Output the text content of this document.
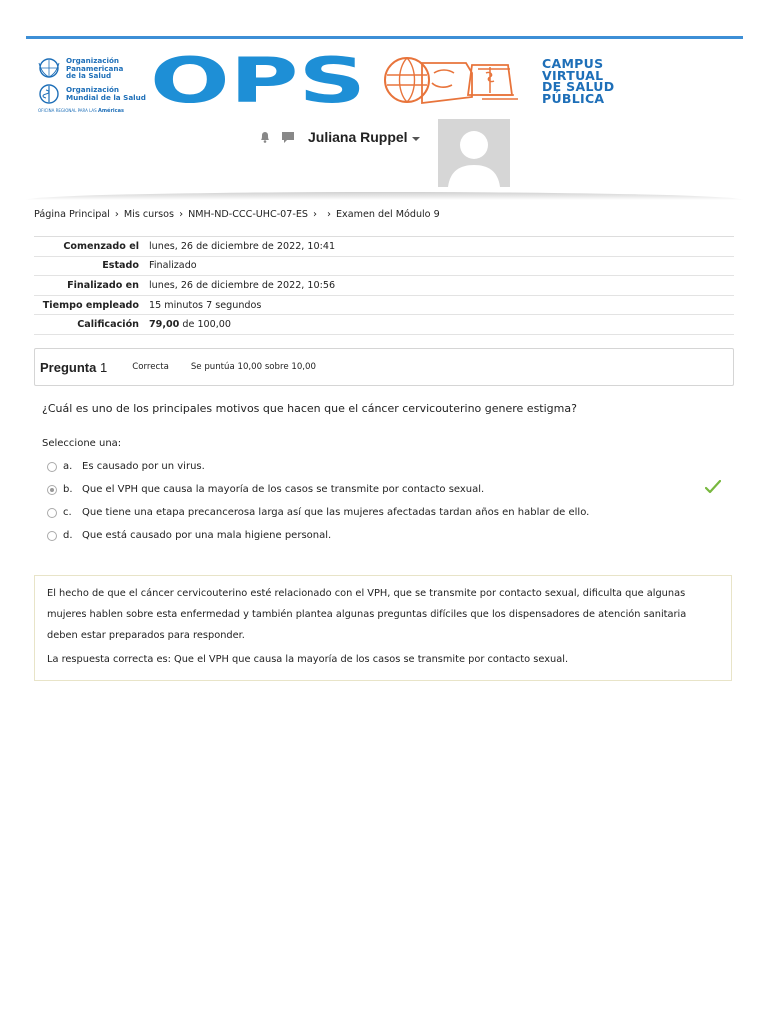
Organización
Panamericana
de la Salud
Organización
Mundial de la Salud
OFICINA REGIONAL PARA LAS Américas OPS	CAMPUS
VIRTUAL
DE SALUD
PÚBLICA
Juliana Ruppel
Página Principal › Mis cursos › NMH-ND-CCC-UHC-07-ES › › Examen del Módulo 9
Comenzado el	lunes, 26 de diciembre de 2022, 10:41
Estado	Finalizado
Finalizado en	lunes, 26 de diciembre de 2022, 10:56
Tiempo empleado	15 minutos 7 segundos
Calificación	79,00 de 100,00
Pregunta 1	Correcta	Se puntúa 10,00 sobre 10,00
¿Cuál es uno de los principales motivos que hacen que el cáncer cervicouterino genere estigma?
Seleccione una:
a. Es causado por un virus.
b. Que el VPH que causa la mayoría de los casos se transmite por contacto sexual.
c.	Que tiene una etapa precancerosa larga así que las mujeres afectadas tardan años en hablar de ello.
d. Que está causado por una mala higiene personal.

El hecho de que el cáncer cervicouterino esté relacionado con el VPH, que se transmite por contacto sexual, dificulta que algunas mujeres hablen sobre esta enfermedad y también plantea algunas preguntas difíciles que los dispensadores de atención sanitaria deben estar preparados para responder.

La respuesta correcta es: Que el VPH que causa la mayoría de los casos se transmite por contacto sexual.
